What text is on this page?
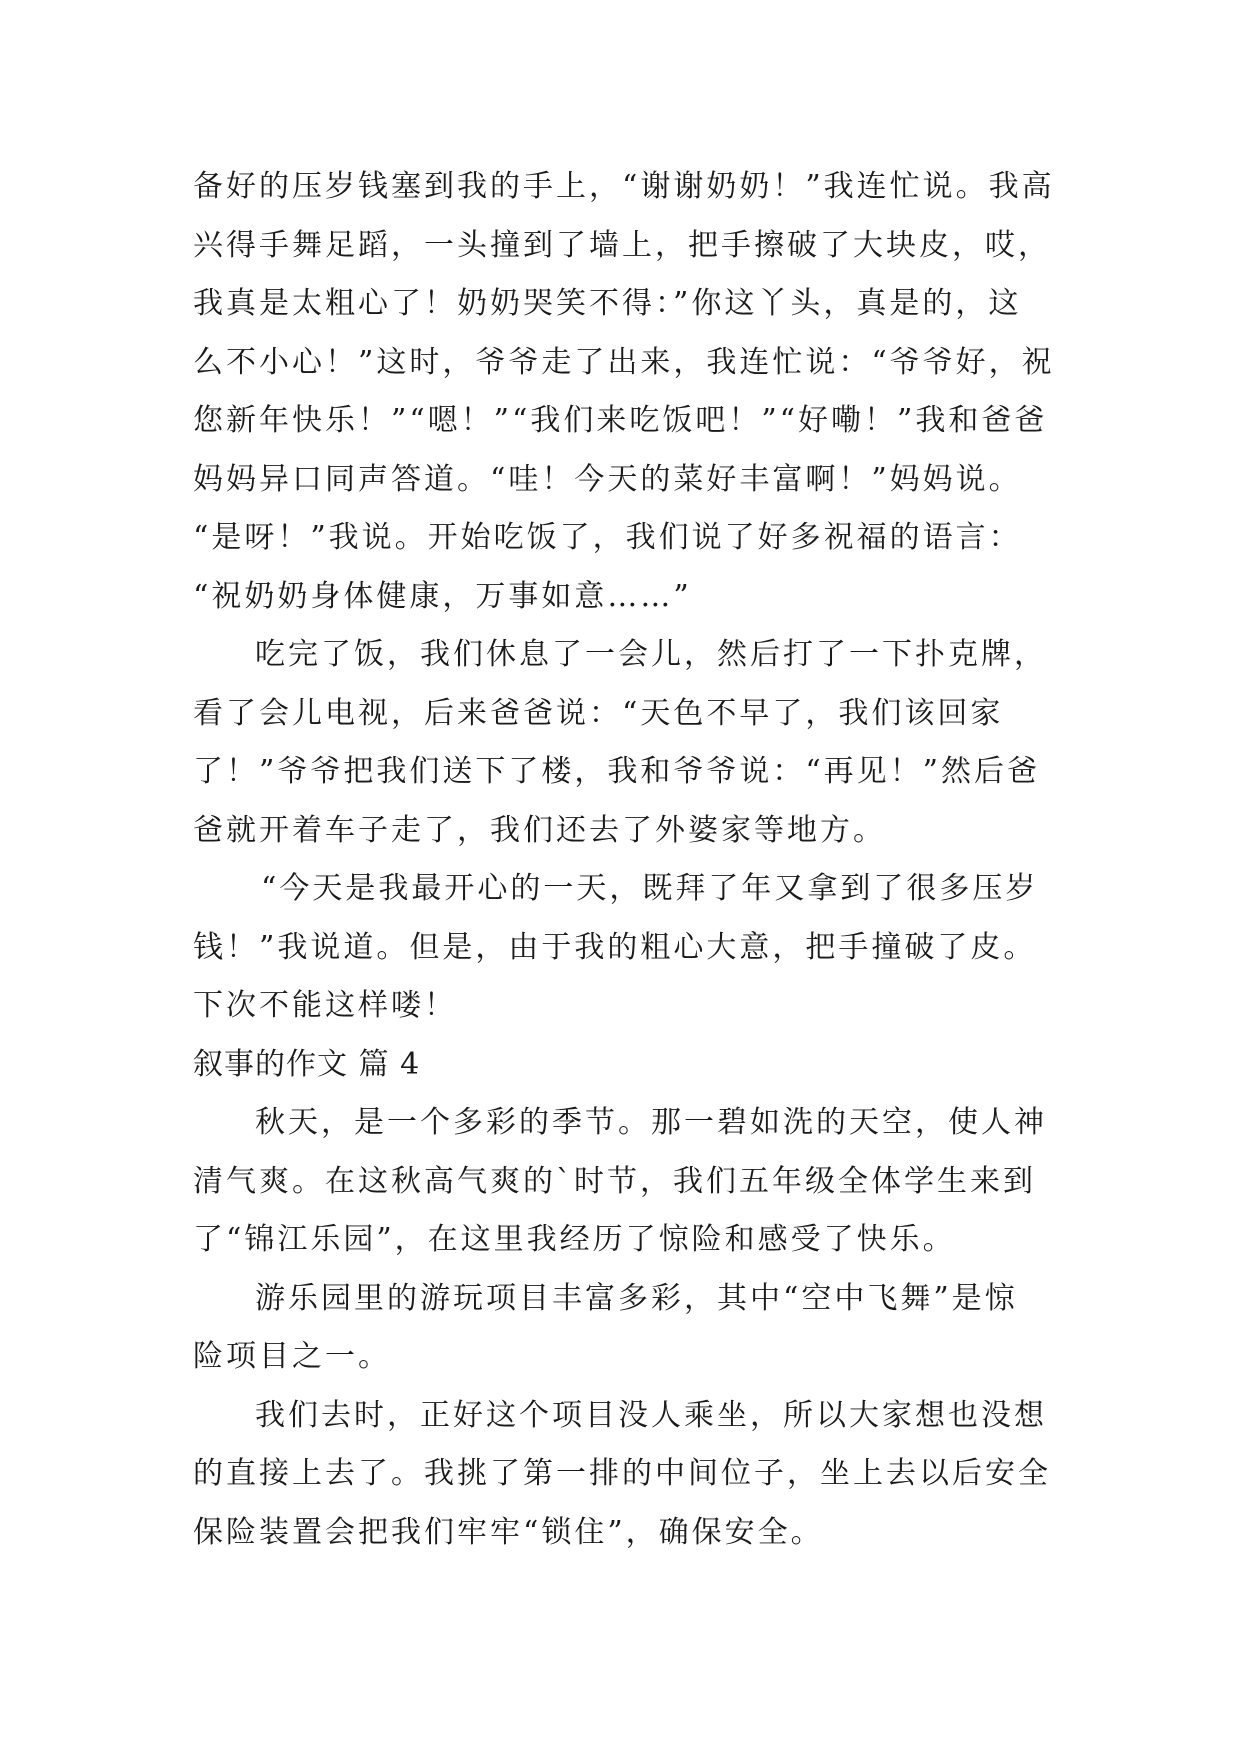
备好的压岁钱塞到我的手上，“谢谢奶奶！”我连忙说。我高
兴得手舞足蹈，一头撞到了墙上，把手擦破了大块皮，哎，
我真是太粗心了！奶奶哭笑不得：”你这丫头，真是的，这
么不小心！”这时，爷爷走了出来，我连忙说：“爷爷好，祝
您新年快乐！”“嗯！”“我们来吃饭吧！”“好嘞！”我和爸爸
妈妈异口同声答道。“哇！今天的菜好丰富啊！”妈妈说。
“是呀！”我说。开始吃饭了，我们说了好多祝福的语言：
“祝奶奶身体健康，万事如意……”
吃完了饭，我们休息了一会儿，然后打了一下扑克牌，
看了会儿电视，后来爸爸说：“天色不早了，我们该回家
了！”爷爷把我们送下了楼，我和爷爷说：“再见！”然后爸
爸就开着车子走了，我们还去了外婆家等地方。
“今天是我最开心的一天，既拜了年又拿到了很多压岁
钱！”我说道。但是，由于我的粗心大意，把手撞破了皮。
下次不能这样喽！
叙事的作文 篇 4
秋天，是一个多彩的季节。那一碧如洗的天空，使人神
清气爽。在这秋高气爽的`时节，我们五年级全体学生来到
了“锦江乐园”，在这里我经历了惊险和感受了快乐。
游乐园里的游玩项目丰富多彩，其中“空中飞舞”是惊
险项目之一。
我们去时，正好这个项目没人乘坐，所以大家想也没想
的直接上去了。我挑了第一排的中间位子，坐上去以后安全
保险装置会把我们牢牢“锁住”，确保安全。
